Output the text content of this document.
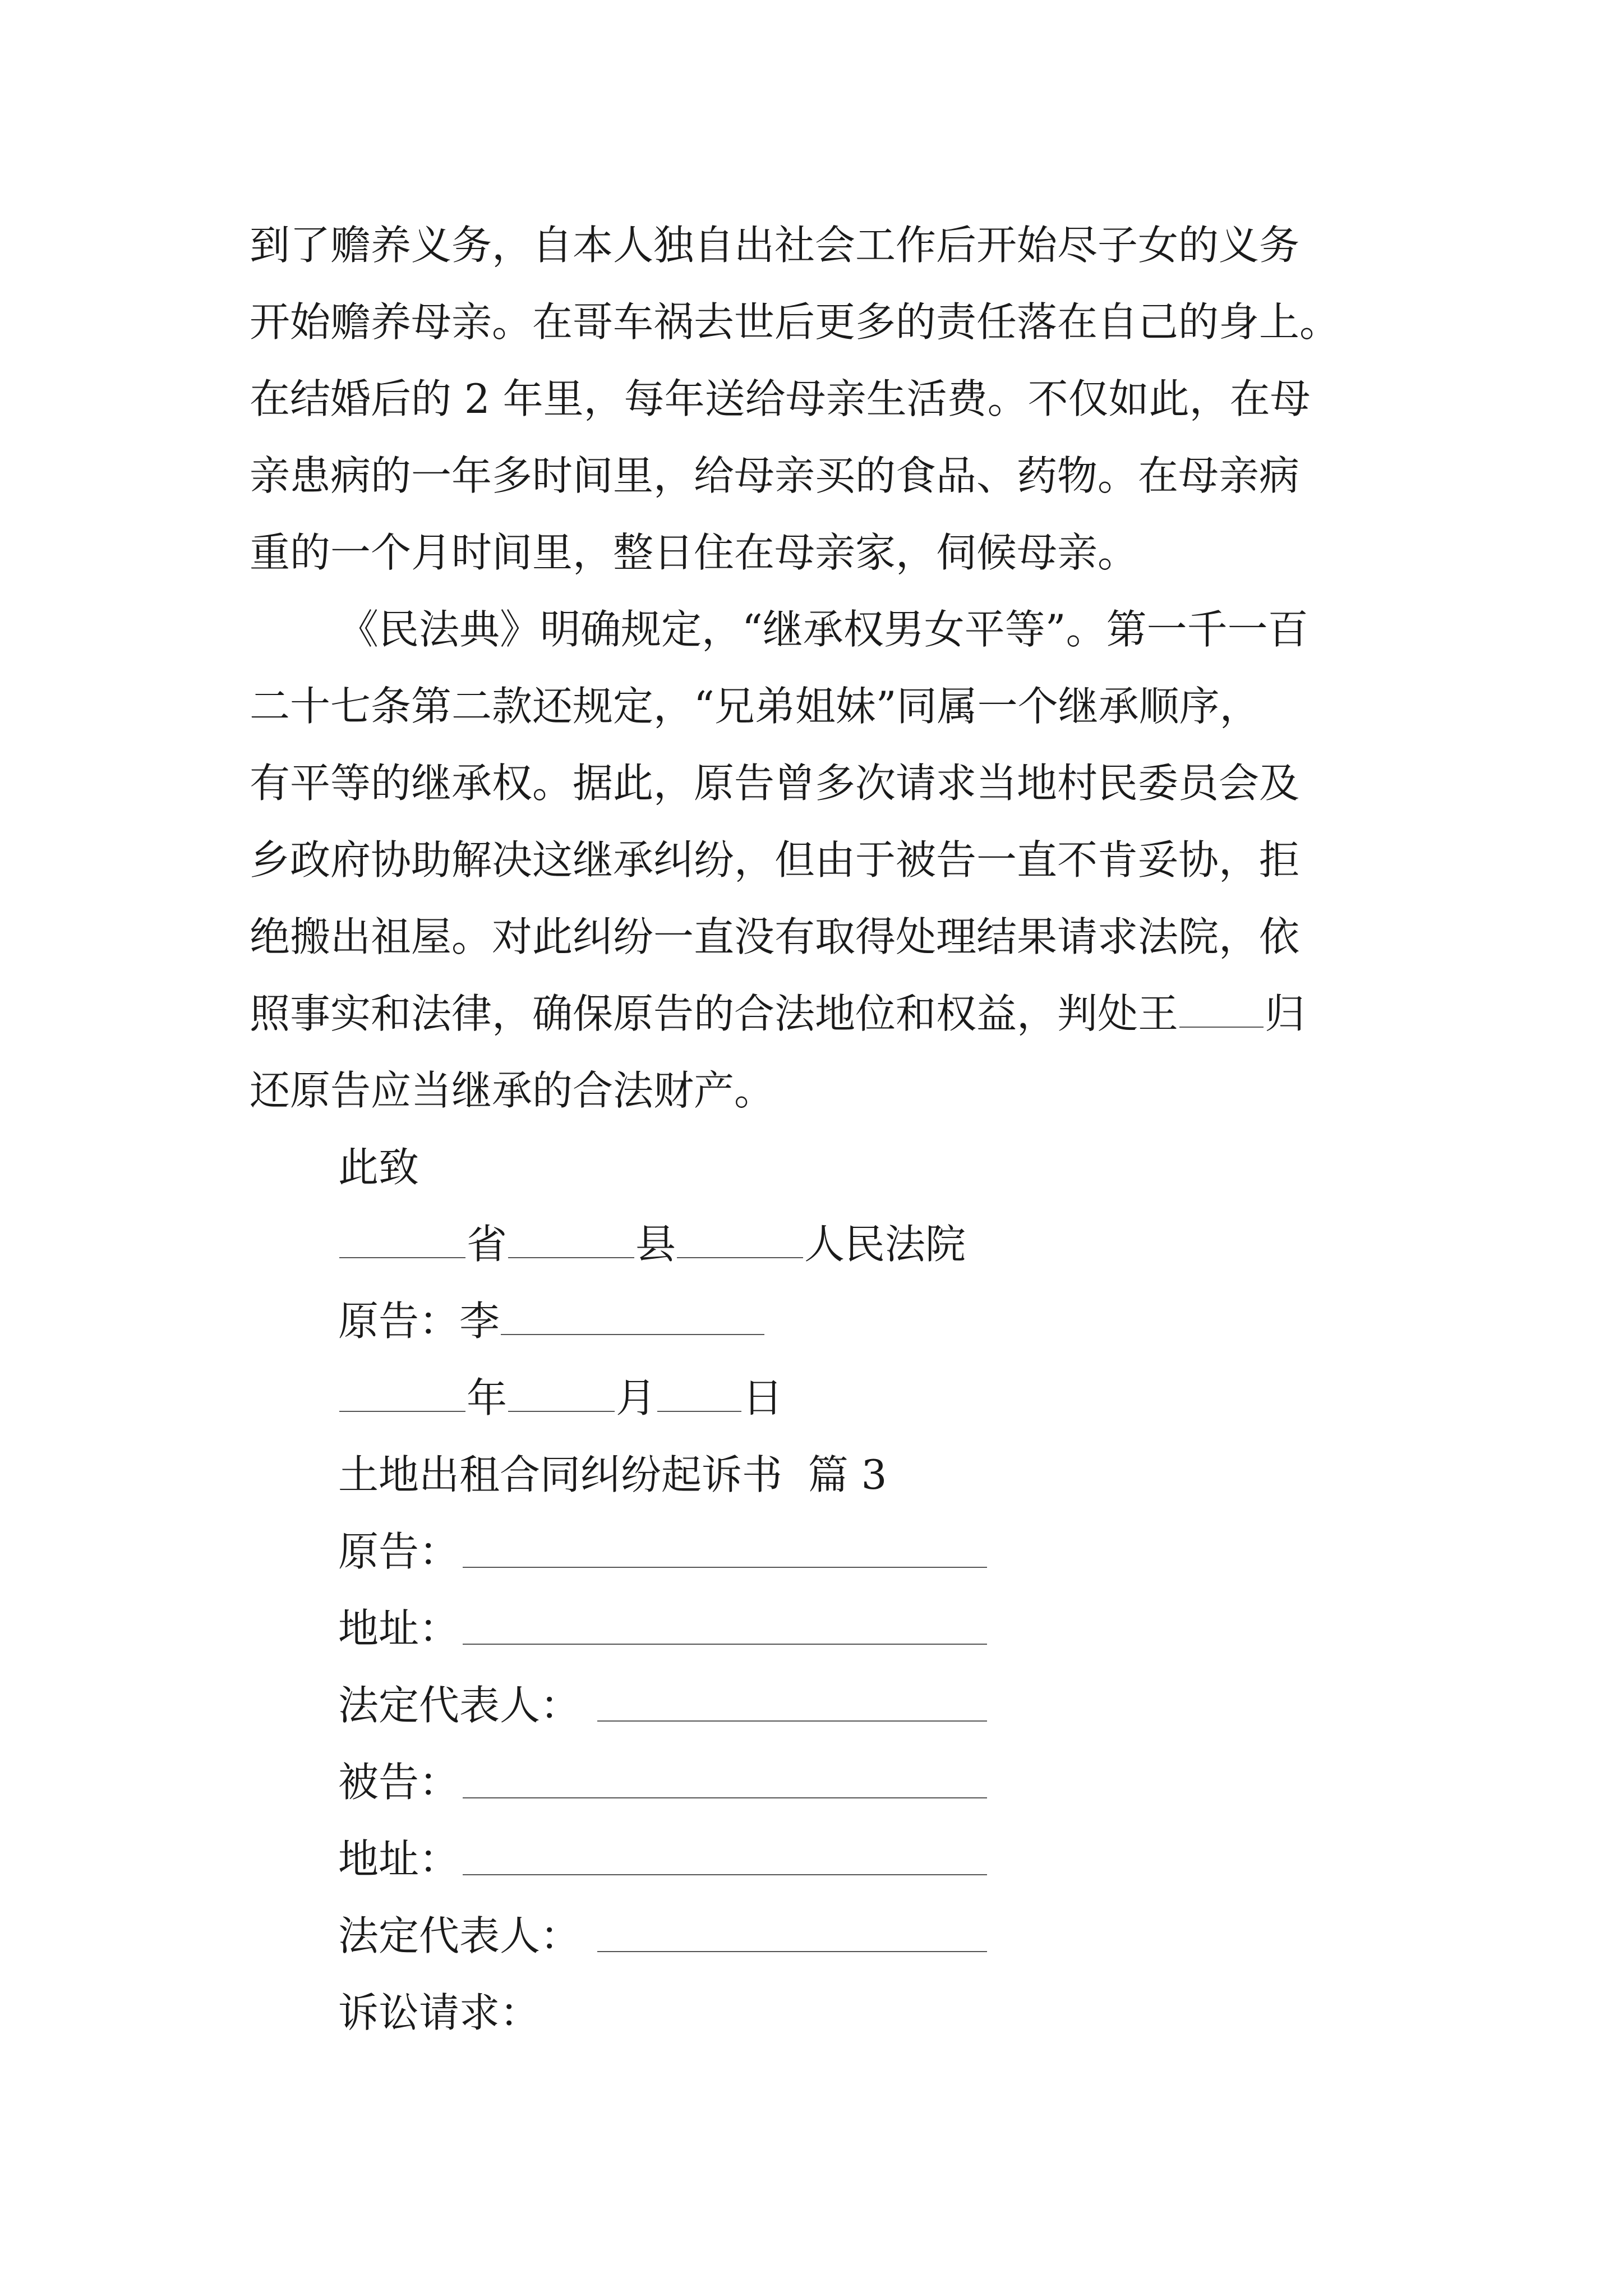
到了赡养义务，自本人独自出社会工作后开始尽子女的义务
开始赡养母亲。在哥车祸去世后更多的责任落在自己的身上。
在结婚后的 2 年里，每年送给母亲生活费。不仅如此，在母
亲患病的一年多时间里，给母亲买的食品、药物。在母亲病
重的一个月时间里，整日住在母亲家，伺候母亲。
《民法典》明确规定，“继承权男女平等”。第一千一百
二十七条第二款还规定，“兄弟姐妹”同属一个继承顺序，
有平等的继承权。据此，原告曾多次请求当地村民委员会及
乡政府协助解决这继承纠纷，但由于被告一直不肯妥协，拒
绝搬出祖屋。对此纠纷一直没有取得处理结果请求法院，依
照事实和法律，确保原告的合法地位和权益，判处王 归
还原告应当继承的合法财产。
此致
省	县	人民法院
原告：李
年	月 日
土地出租合同纠纷起诉书  篇 3
原告：
地址：
法定代表人：
被告：
地址：
法定代表人：
诉讼请求：
